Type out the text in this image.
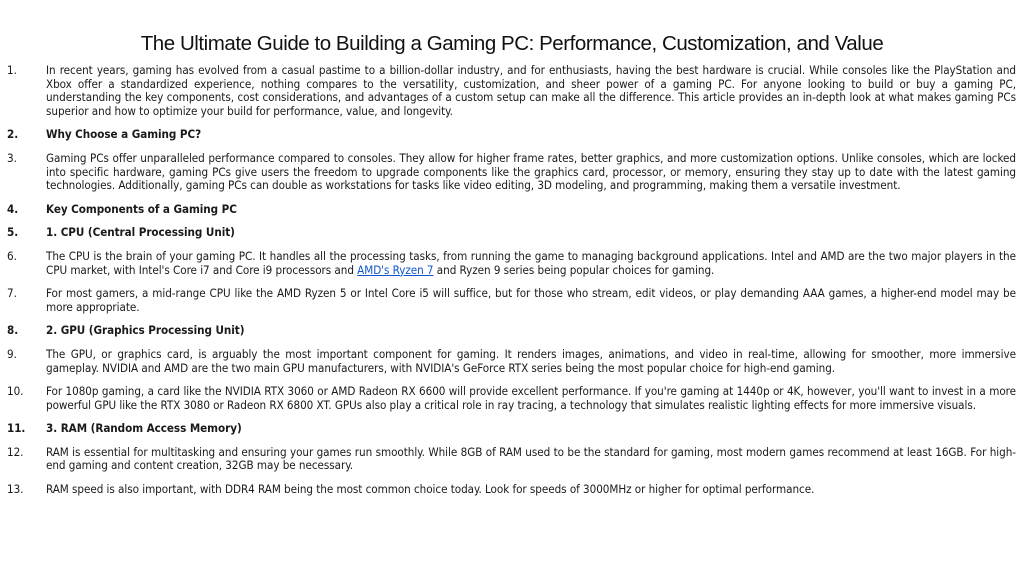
The Ultimate Guide to Building a Gaming PC: Performance, Customization, and Value
1.	In recent years, gaming has evolved from a casual pastime to a billion-dollar industry, and for enthusiasts, having the best hardware is crucial. While consoles like the PlayStation and Xbox offer a standardized experience, nothing compares to the versatility, customization, and sheer power of a gaming PC. For anyone looking to build or buy a gaming PC, understanding the key components, cost considerations, and advantages of a custom setup can make all the difference. This article provides an in-depth look at what makes gaming PCs superior and how to optimize your build for performance, value, and longevity.
2. Why Choose a Gaming PC?
3.	Gaming PCs offer unparalleled performance compared to consoles. They allow for higher frame rates, better graphics, and more customization options. Unlike consoles, which are locked into specific hardware, gaming PCs give users the freedom to upgrade components like the graphics card, processor, or memory, ensuring they stay up to date with the latest gaming technologies. Additionally, gaming PCs can double as workstations for tasks like video editing, 3D modeling, and programming, making them a versatile investment.
4. Key Components of a Gaming PC
5. 1. CPU (Central Processing Unit)
6.	The CPU is the brain of your gaming PC. It handles all the processing tasks, from running the game to managing background applications. Intel and AMD are the two major players in the CPU market, with Intel's Core i7 and Core i9 processors and AMD's Ryzen 7 and Ryzen 9 series being popular choices for gaming.
7.	For most gamers, a mid-range CPU like the AMD Ryzen 5 or Intel Core i5 will suffice, but for those who stream, edit videos, or play demanding AAA games, a higher-end model may be more appropriate.
8. 2. GPU (Graphics Processing Unit)
9.	The GPU, or graphics card, is arguably the most important component for gaming. It renders images, animations, and video in real-time, allowing for smoother, more immersive gameplay. NVIDIA and AMD are the two main GPU manufacturers, with NVIDIA's GeForce RTX series being the most popular choice for high-end gaming.
10. For 1080p gaming, a card like the NVIDIA RTX 3060 or AMD Radeon RX 6600 will provide excellent performance. If you're gaming at 1440p or 4K, however, you'll want to invest in a more powerful GPU like the RTX 3080 or Radeon RX 6800 XT. GPUs also play a critical role in ray tracing, a technology that simulates realistic lighting effects for more immersive visuals.
11. 3. RAM (Random Access Memory)
12. RAM is essential for multitasking and ensuring your games run smoothly. While 8GB of RAM used to be the standard for gaming, most modern games recommend at least 16GB. For high-end gaming and content creation, 32GB may be necessary.
13. RAM speed is also important, with DDR4 RAM being the most common choice today. Look for speeds of 3000MHz or higher for optimal performance.
